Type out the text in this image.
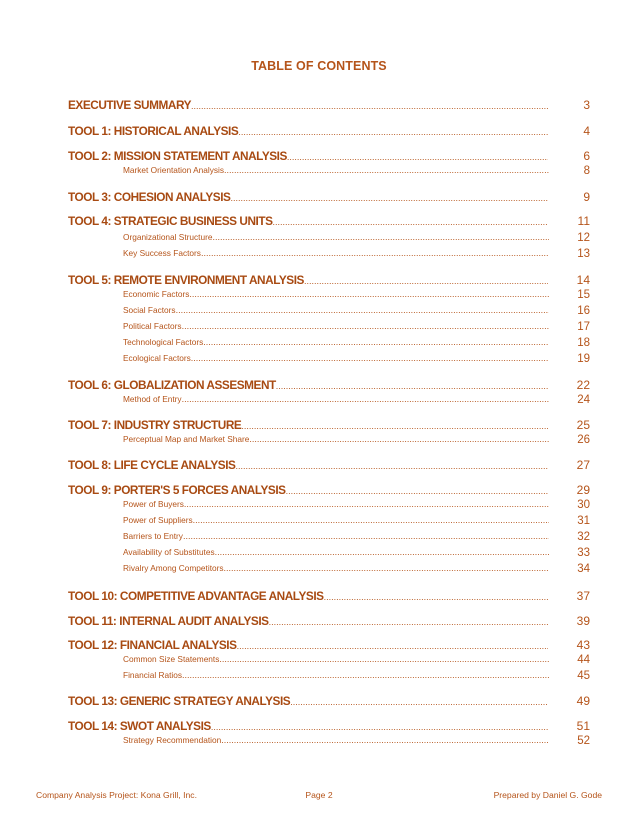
TABLE OF CONTENTS
EXECUTIVE SUMMARY .....	3
TOOL 1: HISTORICAL ANALYSIS .....	4
TOOL 2: MISSION STATEMENT ANALYSIS .....	6
Market Orientation Analysis .....	8
TOOL 3: COHESION ANALYSIS .....	9
TOOL 4: STRATEGIC BUSINESS UNITS .....	11
Organizational Structure .....	12
Key Success Factors .....	13
TOOL 5: REMOTE ENVIRONMENT ANALYSIS .....	14
Economic Factors .....	15
Social Factors .....	16
Political Factors .....	17
Technological Factors .....	18
Ecological Factors .....	19
TOOL 6: GLOBALIZATION ASSESMENT .....	22
Method of Entry .....	24
TOOL 7: INDUSTRY STRUCTURE .....	25
Perceptual Map and Market Share .....	26
TOOL 8: LIFE CYCLE ANALYSIS .....	27
TOOL 9: PORTER'S 5 FORCES ANALYSIS .....	29
Power of Buyers .....	30
Power of Suppliers .....	31
Barriers to Entry .....	32
Availability of Substitutes .....	33
Rivalry Among Competitors .....	34
TOOL 10: COMPETITIVE ADVANTAGE ANALYSIS .....	37
TOOL 11: INTERNAL AUDIT ANALYSIS .....	39
TOOL 12: FINANCIAL ANALYSIS .....	43
Common Size Statements .....	44
Financial Ratios .....	45
TOOL 13: GENERIC STRATEGY ANALYSIS .....	49
TOOL 14: SWOT ANALYSIS .....	51
Strategy Recommendation .....	52
Company Analysis Project: Kona Grill, Inc.	Page 2	Prepared by Daniel G. Gode
